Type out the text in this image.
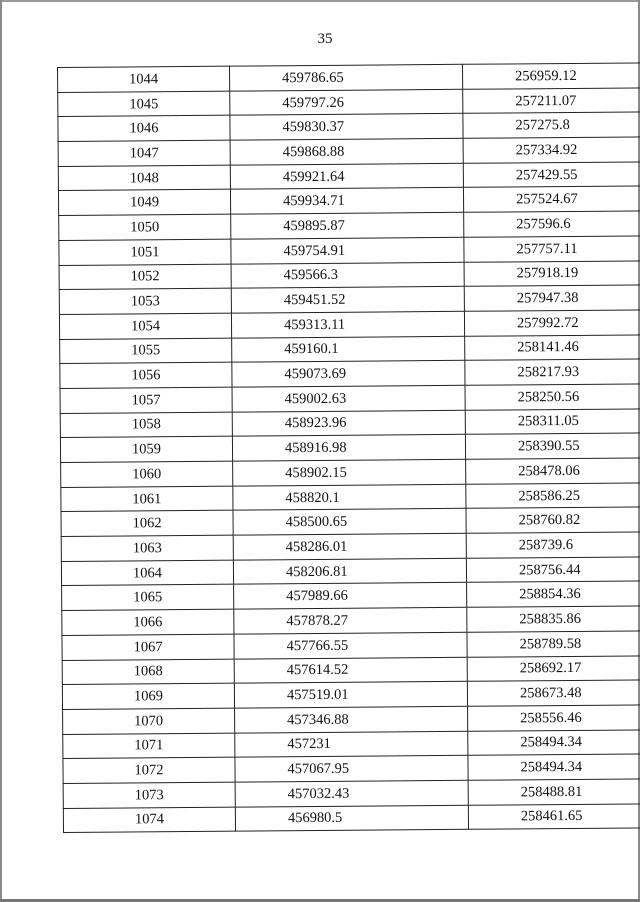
35
1044	459786.65	256959.12
1045	459797.26	257211.07
1046	459830.37	257275.8
1047	459868.88	257334.92
1048	459921.64	257429.55
1049	459934.71	257524.67
1050	459895.87	257596.6
1051	459754.91	257757.11
1052	459566.3	257918.19
1053	459451.52	257947.38
1054	459313.11	257992.72
1055	459160.1	258141.46
1056	459073.69	258217.93
1057	459002.63	258250.56
1058	458923.96	258311.05
1059	458916.98	258390.55
1060	458902.15	258478.06
1061	458820.1	258586.25
1062	458500.65	258760.82
1063	458286.01	258739.6
1064	458206.81	258756.44
1065	457989.66	258854.36
1066	457878.27	258835.86
1067	457766.55	258789.58
1068	457614.52	258692.17
1069	457519.01	258673.48
1070	457346.88	258556.46
1071	457231	258494.34
1072	457067.95	258494.34
1073	457032.43	258488.81
1074	456980.5	258461.65
